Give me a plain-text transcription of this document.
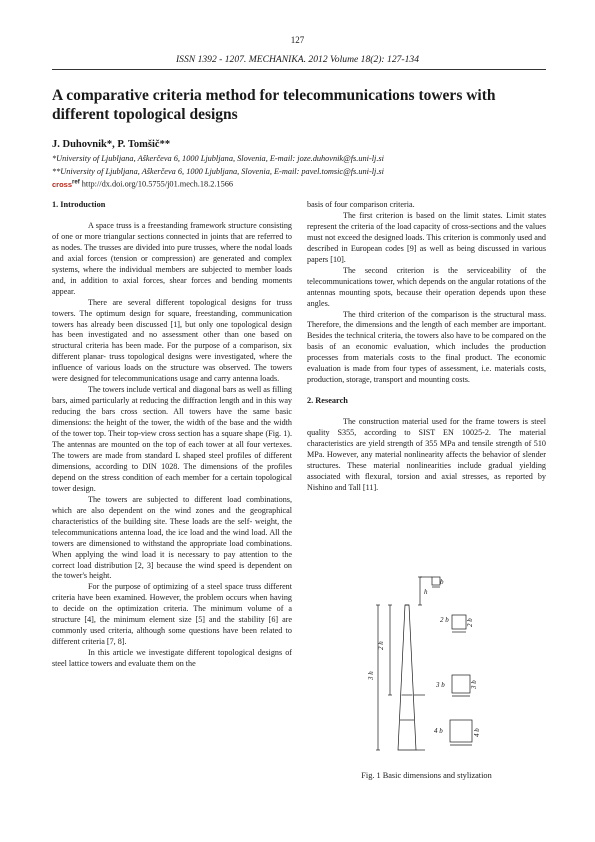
127
ISSN 1392 - 1207. MECHANIKA. 2012 Volume 18(2): 127-134
A comparative criteria method for telecommunications towers with different topological designs
J. Duhovnik*, P. Tomšič**
*University of Ljubljana, Aškerčeva 6, 1000 Ljubljana, Slovenia, E-mail: joze.duhovnik@fs.uni-lj.si
**University of Ljubljana, Aškerčeva 6, 1000 Ljubljana, Slovenia, E-mail: pavel.tomsic@fs.uni-lj.si
cross$^{ref}$ http://dx.doi.org/10.5755/j01.mech.18.2.1566
1. Introduction

A space truss is a freestanding framework structure consisting of one or more triangular sections connected in joints that are referred to as nodes. The trusses are divided into pure trusses, where the nodal loads and axial forces (tension or compression) are generated and complex systems, where the individual members are subjected to member loads and, in addition to axial forces, shear forces and bending moments appear.

There are several different topological designs for truss towers. The optimum design for square, freestanding, communication towers has already been discussed [1], but only one topological design has been investigated and no assessment other than one based on structural criteria has been made. For the purpose of a comparison, six different planar- truss topological designs were investigated, where the influence of various loads on the structure was observed. The towers were designed for telecommunications usage and carry antenna loads.

The towers include vertical and diagonal bars as well as filling bars, aimed particularly at reducing the diffraction length and in this way reducing the bars cross section. All towers have the same basic dimensions: the height of the tower, the width of the base and the width of the tower top. Their top-view cross section has a square shape (Fig. 1). The antennas are mounted on the top of each tower at all four vertexes. The towers are made from standard L shaped steel profiles of different dimensions, according to DIN 1028. The dimensions of the profiles depend on the stress condition of each member for a certain topological tower design.

The towers are subjected to different load combinations, which are also dependent on the wind zones and the geographical characteristics of the building site. These loads are the self- weight, the telecommunications antenna load, the ice load and the wind load. All the towers are dimensioned to withstand the appropriate load combinations. When applying the wind load it is necessary to pay attention to the correct load distribution [2, 3] because the wind speed is dependent on the tower's height.

For the purpose of optimizing of a steel space truss different criteria have been examined. However, the problem occurs when having to decide on the optimization criteria. The minimum volume of a structure [4], the minimum element size [5] and the stability [6] are commonly used criteria, although some questions have been related to different criteria [7, 8].

In this article we investigate different topological designs of steel lattice towers and evaluate them on the

basis of four comparison criteria.

The first criterion is based on the limit states. Limit states represent the criteria of the load capacity of cross-sections and the values must not exceed the designed loads. This criterion is commonly used and described in European codes [9] as well as being discussed in various papers [10].

The second criterion is the serviceability of the telecommunications tower, which depends on the angular rotations of the antennas mounting spots, because their operation depends upon these angles.

The third criterion of the comparison is the structural mass. Therefore, the dimensions and the length of each member are important. Besides the technical criteria, the towers also have to be compared on the basis of an economic evaluation, which includes the production processes from materials costs to the final product. The economic evaluation is made from four types of assessment, i.e. materials costs, production, storage, transport and mounting costs.

2. Research

The construction material used for the frame towers is steel quality S355, according to SIST EN 10025-2. The material characteristics are yield strength of 355 MPa and tensile strength of 510 MPa. However, any material nonlinearity affects the behavior of slender structures. These material nonlinearities include gradual yielding associated with flexural, torsion and axial stresses, as reported by Nishino and Tall [11].

h
b
2 h
3 h
2 b 2 b
3 b	3 b
4 b	4 b
Fig. 1 Basic dimensions and stylization
